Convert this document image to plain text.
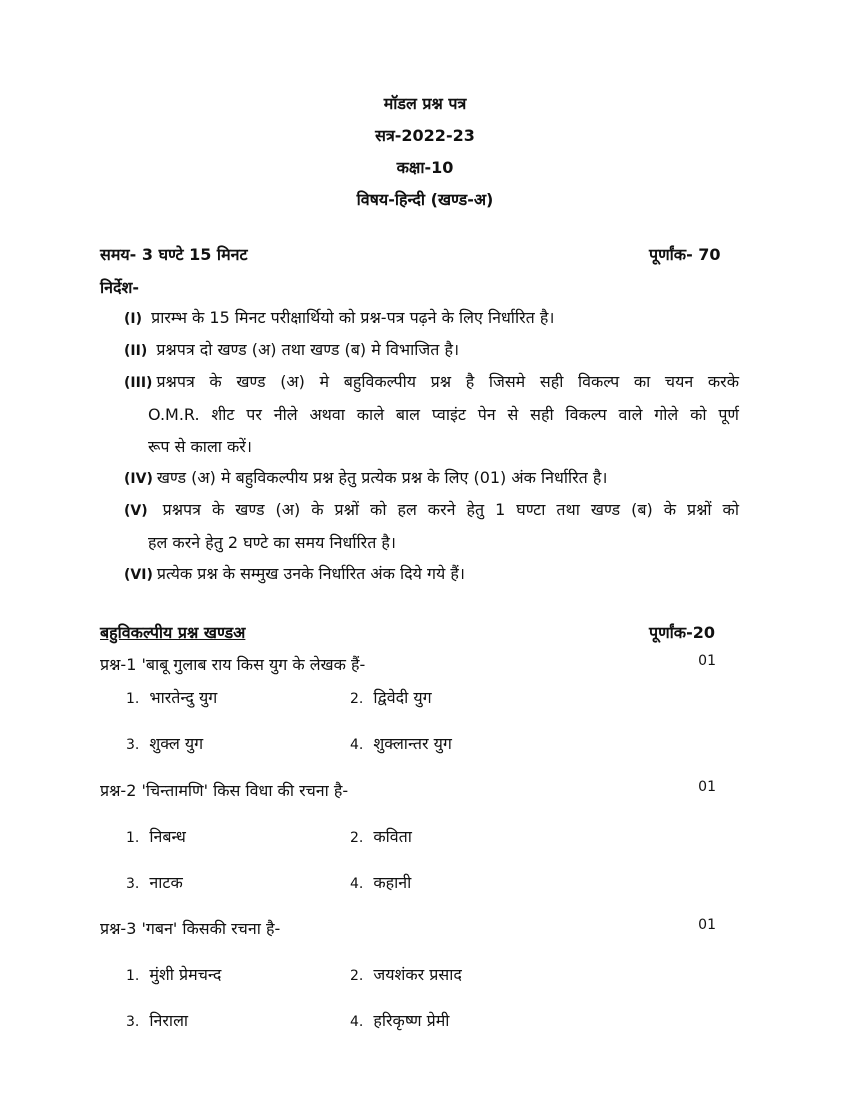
मॉडल प्रश्न पत्र
सत्र-2022-23
कक्षा-10
विषय-हिन्दी (खण्ड-अ)
समय- 3 घण्टे 15 मिनट	पूर्णांक- 70
निर्देश-
(I) प्रारम्भ के 15 मिनट परीक्षार्थियो को प्रश्न-पत्र पढ़ने के लिए निर्धारित है।
(II) प्रश्नपत्र दो खण्ड (अ) तथा खण्ड (ब) मे विभाजित है।
(III) प्रश्नपत्र के खण्ड (अ) मे बहुविकल्पीय प्रश्न है जिसमे सही विकल्प का चयन करके
O.M.R. शीट पर नीले अथवा काले बाल प्वाइंट पेन से सही विकल्प वाले गोले को पूर्ण
रूप से काला करें।
(IV) खण्ड (अ) मे बहुविकल्पीय प्रश्न हेतु प्रत्येक प्रश्न के लिए (01) अंक निर्धारित है।
(V) प्रश्नपत्र के खण्ड (अ) के प्रश्नों को हल करने हेतु 1 घण्टा तथा खण्ड (ब) के प्रश्नों को
हल करने हेतु 2 घण्टे का समय निर्धारित है।
(VI) प्रत्येक प्रश्न के सम्मुख उनके निर्धारित अंक दिये गये हैं।
बहुविकल्पीय प्रश्न खण्डअ	पूर्णांक-20
प्रश्न-1 'बाबू गुलाब राय किस युग के लेखक हैं-	01
1. भारतेन्दु युग	2. द्विवेदी युग
3. शुक्ल युग	4. शुक्लान्तर युग
प्रश्न-2 'चिन्तामणि' किस विधा की रचना है-	01
1. निबन्ध	2. कविता
3. नाटक	4. कहानी
प्रश्न-3 'गबन' किसकी रचना है-	01
1. मुंशी प्रेमचन्द	2. जयशंकर प्रसाद
3. निराला	4. हरिकृष्ण प्रेमी
